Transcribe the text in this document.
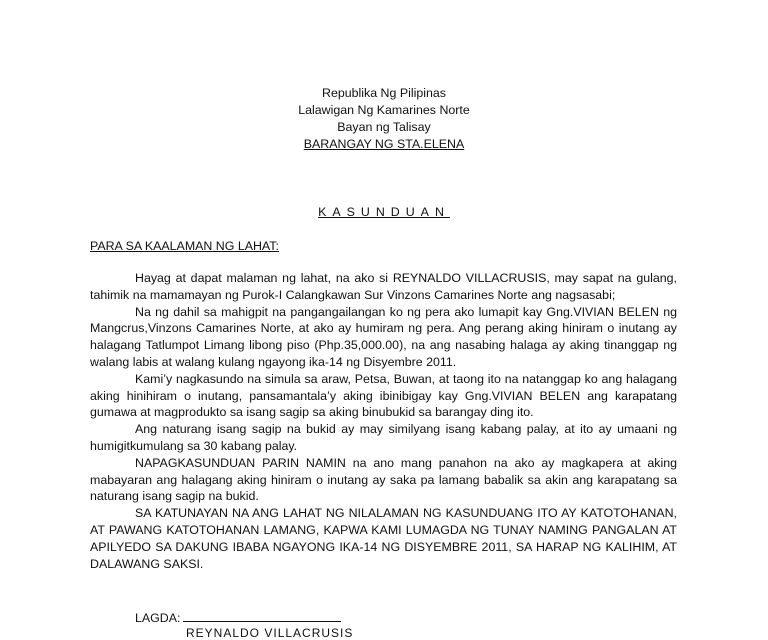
Republika Ng Pilipinas
Lalawigan Ng Kamarines Norte
Bayan ng Talisay
BARANGAY NG STA.ELENA
KASUNDUAN
PARA SA KAALAMAN NG LAHAT:

Hayag at dapat malaman ng lahat, na ako si REYNALDO VILLACRUSIS, may sapat na gulang, tahimik na mamamayan ng Purok-I Calangkawan Sur Vinzons Camarines Norte ang nagsasabi;

Na ng dahil sa mahigpit na pangangailangan ko ng pera ako lumapit kay Gng.VIVIAN BELEN ng Mangcrus,Vinzons Camarines Norte, at ako ay humiram ng pera. Ang perang aking hiniram o inutang ay halagang Tatlumpot Limang libong piso (Php.35,000.00), na ang nasabing halaga ay aking tinanggap ng walang labis at walang kulang ngayong ika-14 ng Disyembre 2011.

Kami’y nagkasundo na simula sa araw, Petsa, Buwan, at taong ito na natanggap ko ang halagang aking hinihiram o inutang, pansamantala’y aking ibinibigay kay Gng.VIVIAN BELEN ang karapatang gumawa at magprodukto sa isang sagip sa aking binubukid sa barangay ding ito.

Ang naturang isang sagip na bukid ay may similyang isang kabang palay, at ito ay umaani ng humigitkumulang sa 30 kabang palay.

NAPAGKASUNDUAN PARIN NAMIN na ano mang panahon na ako ay magkapera at aking mabayaran ang halagang aking hiniram o inutang ay saka pa lamang babalik sa akin ang karapatang sa naturang isang sagip na bukid.

SA KATUNAYAN NA ANG LAHAT NG NILALAMAN NG KASUNDUANG ITO AY KATOTOHANAN, AT PAWANG KATOTOHANAN LAMANG, KAPWA KAMI LUMAGDA NG TUNAY NAMING PANGALAN AT APILYEDO SA DAKUNG IBABA NGAYONG IKA-14 NG DISYEMBRE 2011, SA HARAP NG KALIHIM, AT DALAWANG SAKSI.

LAGDA:
REYNALDO VILLACRUSIS
